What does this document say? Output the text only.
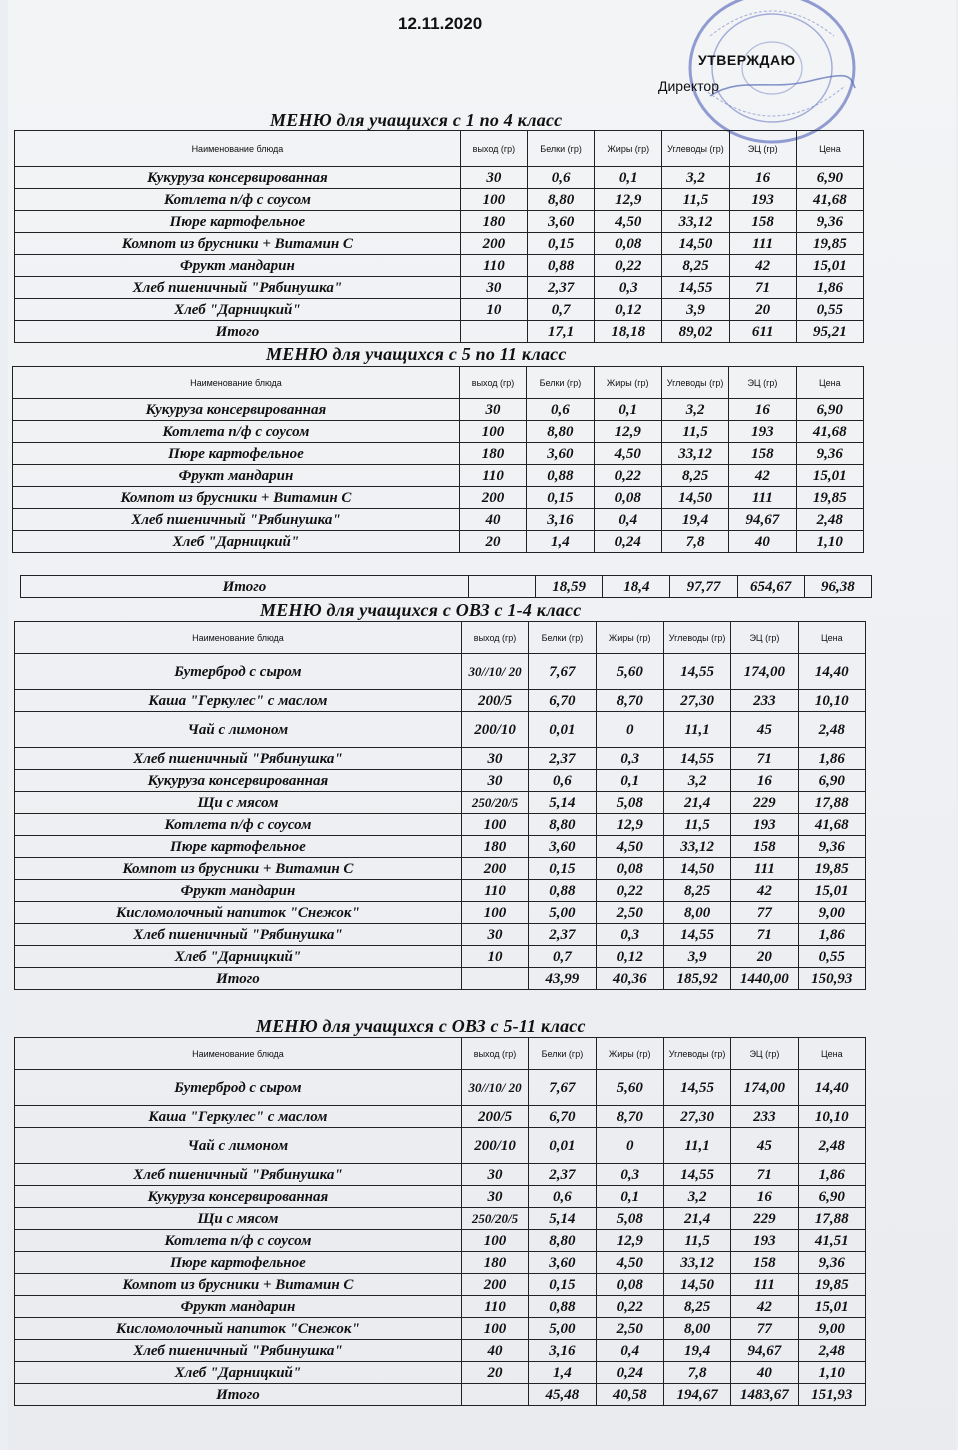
12.11.2020
УТВЕРЖДАЮ
Директор
МЕНЮ для учащихся с 1 по 4 класс
Наименование блюда	выход (гр)	Белки (гр)	Жиры (гр)	Углеводы (гр)	ЭЦ (гр)	Цена
Кукуруза консервированная	30	0,6	0,1	3,2	16	6,90
Котлета п/ф с соусом	100	8,80	12,9	11,5	193	41,68
Пюре картофельное	180	3,60	4,50	33,12	158	9,36
Компот из брусники + Витамин С	200	0,15	0,08	14,50	111	19,85
Фрукт мандарин	110	0,88	0,22	8,25	42	15,01
Хлеб пшеничный "Рябинушка"	30	2,37	0,3	14,55	71	1,86
Хлеб "Дарницкий"	10	0,7	0,12	3,9	20	0,55
Итого		17,1	18,18	89,02	611	95,21
МЕНЮ для учащихся с 5 по 11 класс
Наименование блюда	выход (гр)	Белки (гр)	Жиры (гр)	Углеводы (гр)	ЭЦ (гр)	Цена
Кукуруза консервированная	30	0,6	0,1	3,2	16	6,90
Котлета п/ф с соусом	100	8,80	12,9	11,5	193	41,68
Пюре картофельное	180	3,60	4,50	33,12	158	9,36
Фрукт мандарин	110	0,88	0,22	8,25	42	15,01
Компот из брусники + Витамин С	200	0,15	0,08	14,50	111	19,85
Хлеб пшеничный "Рябинушка"	40	3,16	0,4	19,4	94,67	2,48
Хлеб "Дарницкий"	20	1,4	0,24	7,8	40	1,10
Итого		18,59	18,4	97,77	654,67	96,38
МЕНЮ для учащихся с ОВЗ с 1-4 класс
Наименование блюда	выход (гр)	Белки (гр)	Жиры (гр)	Углеводы (гр)	ЭЦ (гр)	Цена
Бутерброд с сыром	30//10/ 20	7,67	5,60	14,55	174,00	14,40
Каша "Геркулес" с маслом	200/5	6,70	8,70	27,30	233	10,10
Чай с лимоном	200/10	0,01	0	11,1	45	2,48
Хлеб пшеничный "Рябинушка"	30	2,37	0,3	14,55	71	1,86
Кукуруза консервированная	30	0,6	0,1	3,2	16	6,90
Щи с мясом	250/20/5	5,14	5,08	21,4	229	17,88
Котлета п/ф с соусом	100	8,80	12,9	11,5	193	41,68
Пюре картофельное	180	3,60	4,50	33,12	158	9,36
Компот из брусники + Витамин С	200	0,15	0,08	14,50	111	19,85
Фрукт мандарин	110	0,88	0,22	8,25	42	15,01
Кисломолочный напиток "Снежок"	100	5,00	2,50	8,00	77	9,00
Хлеб пшеничный "Рябинушка"	30	2,37	0,3	14,55	71	1,86
Хлеб "Дарницкий"	10	0,7	0,12	3,9	20	0,55
Итого		43,99	40,36	185,92	1440,00	150,93
МЕНЮ для учащихся с ОВЗ с 5-11 класс
Наименование блюда	выход (гр)	Белки (гр)	Жиры (гр)	Углеводы (гр)	ЭЦ (гр)	Цена
Бутерброд с сыром	30//10/ 20	7,67	5,60	14,55	174,00	14,40
Каша "Геркулес" с маслом	200/5	6,70	8,70	27,30	233	10,10
Чай с лимоном	200/10	0,01	0	11,1	45	2,48
Хлеб пшеничный "Рябинушка"	30	2,37	0,3	14,55	71	1,86
Кукуруза консервированная	30	0,6	0,1	3,2	16	6,90
Щи с мясом	250/20/5	5,14	5,08	21,4	229	17,88
Котлета п/ф с соусом	100	8,80	12,9	11,5	193	41,51
Пюре картофельное	180	3,60	4,50	33,12	158	9,36
Компот из брусники + Витамин С	200	0,15	0,08	14,50	111	19,85
Фрукт мандарин	110	0,88	0,22	8,25	42	15,01
Кисломолочный напиток "Снежок"	100	5,00	2,50	8,00	77	9,00
Хлеб пшеничный "Рябинушка"	40	3,16	0,4	19,4	94,67	2,48
Хлеб "Дарницкий"	20	1,4	0,24	7,8	40	1,10
Итого		45,48	40,58	194,67	1483,67	151,93
